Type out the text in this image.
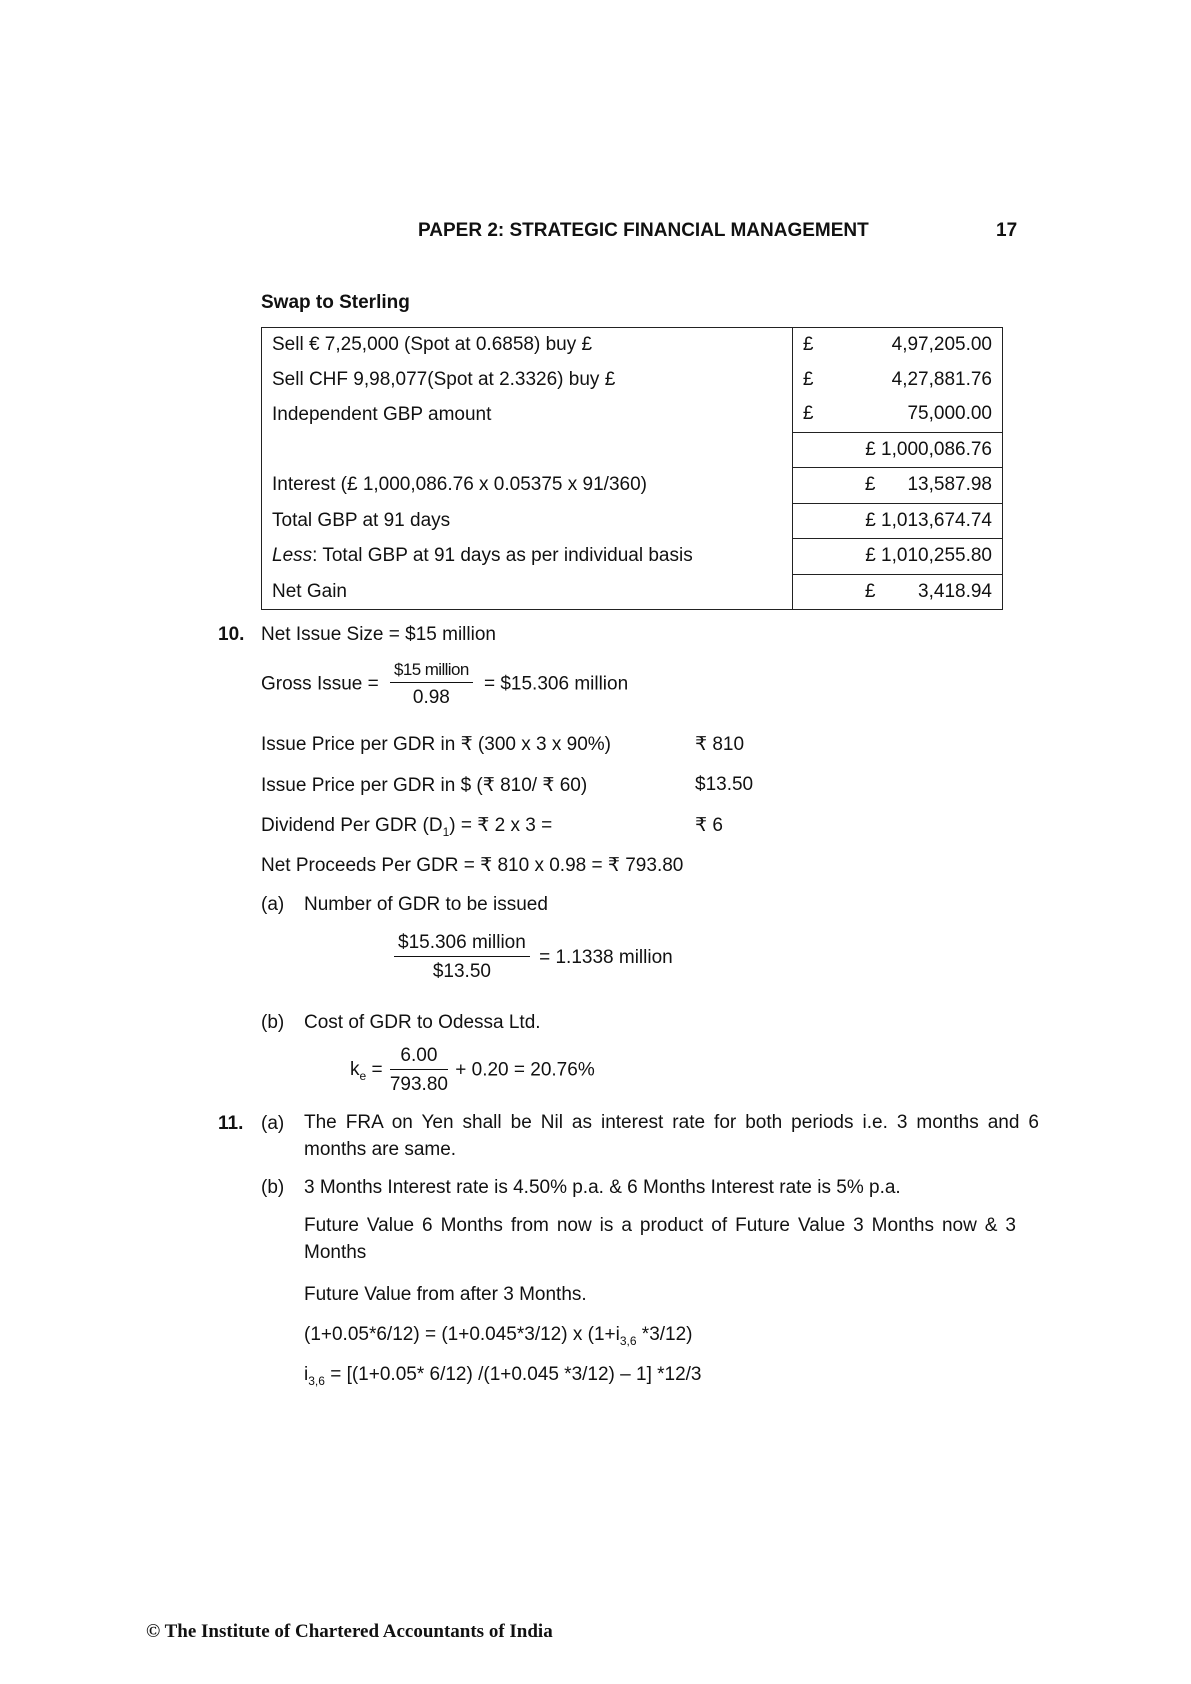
PAPER 2: STRATEGIC FINANCIAL MANAGEMENT	17
Swap to Sterling
Sell € 7,25,000 (Spot at 0.6858) buy £	£ 4,97,205.00

Sell CHF 9,98,077(Spot at 2.3326) buy £	£ 4,27,881.76

Independent GBP amount	£ 75,000.00

	£ 1,000,086.76

Interest (£ 1,000,086.76 x 0.05375 x 91/360)	£ 13,587.98

Total GBP at 91 days	£ 1,013,674.74

Less: Total GBP at 91 days as per individual basis	£ 1,010,255.80

Net Gain	£ 3,418.94
10. Net Issue Size = $15 million
Gross Issue = $\frac{\text{\$15 million}}{0.98}$ = $15.306 million
Issue Price per GDR in ₹ (300 x 3 x 90%)	₹ 810
Issue Price per GDR in $ (₹ 810/ ₹ 60)	$13.50
Dividend Per GDR $(D_1)$ = ₹ 2 x 3 =	₹ 6
Net Proceeds Per GDR = ₹ 810 x 0.98 = ₹ 793.80
(a) Number of GDR to be issued
$\frac{\text{\$15.306 million}}{\$13.50} = 1.1338$ million
(b) Cost of GDR to Odessa Ltd.
$k_e = \frac{6.00}{793.80} + 0.20 = 20.76\%$
11. (a) The FRA on Yen shall be Nil as interest rate for both periods i.e. 3 months and 6 months are same.
(b) 3 Months Interest rate is 4.50% p.a. & 6 Months Interest rate is 5% p.a.
Future Value 6 Months from now is a product of Future Value 3 Months now & 3 Months
Future Value from after 3 Months.
(1+0.05*6/12) = (1+0.045*3/12) x ($1+i_{3,6}$ *3/12)
$i_{3,6} = [(1+0.05*$ 6/12) /(1+0.045 *3/12) – 1] *12/3
© The Institute of Chartered Accountants of India
